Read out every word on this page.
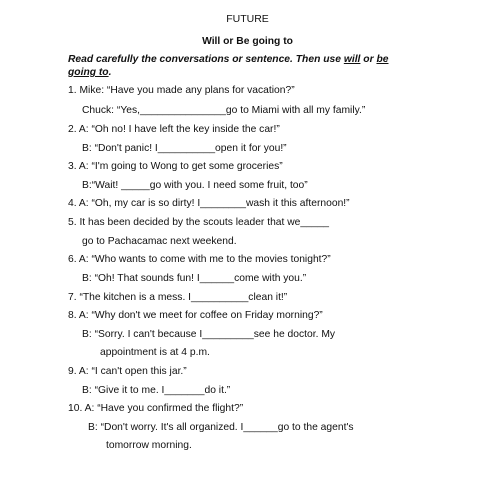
FUTURE
Will or Be going to
Read carefully the conversations or sentence. Then use will or be
going to.
1. Mike: “Have you made any plans for vacation?”
Chuck: “Yes,_______________go to Miami with all my family.”
2. A: “Oh no! I have left the key inside the car!”
B: “Don't panic! I__________open it for you!”
3. A: “I'm going to Wong to get some groceries”
B:“Wait! _____go with you. I need some fruit, too”
4. A: “Oh, my car is so dirty! I________wash it this afternoon!”
5. It has been decided by the scouts leader that we_____
go to Pachacamac next weekend.
6. A: “Who wants to come with me to the movies tonight?”
B: “Oh! That sounds fun! I______come with you.”
7. “The kitchen is a mess. I__________clean it!”
8. A: “Why don't we meet for coffee on Friday morning?”
B: “Sorry. I can't because I_________see he doctor. My
appointment is at 4 p.m.
9. A: “I can't open this jar.”
B: “Give it to me. I_______do it.”
10. A: “Have you confirmed the flight?”
B: “Don't worry. It's all organized. I______go to the agent's
tomorrow morning.
